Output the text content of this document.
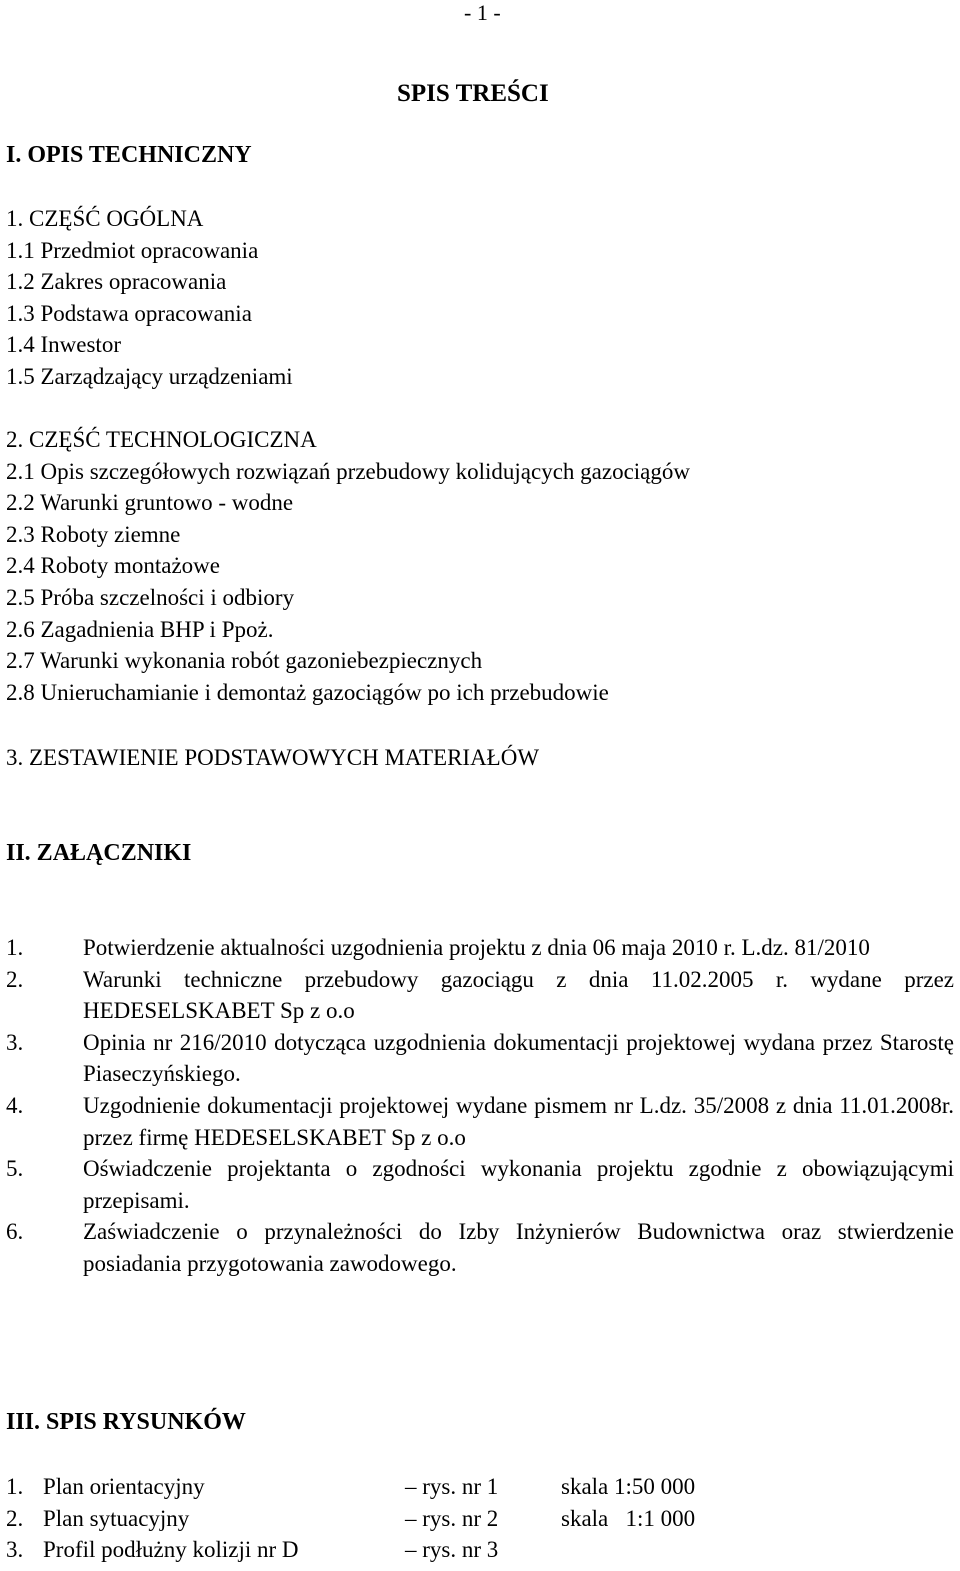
- 1 -
SPIS TREŚCI
I. OPIS TECHNICZNY
1. CZĘŚĆ OGÓLNA
1.1 Przedmiot opracowania
1.2 Zakres opracowania
1.3 Podstawa opracowania
1.4 Inwestor
1.5 Zarządzający urządzeniami
2. CZĘŚĆ TECHNOLOGICZNA
2.1 Opis szczegółowych rozwiązań przebudowy kolidujących gazociągów
2.2 Warunki gruntowo - wodne
2.3 Roboty ziemne
2.4 Roboty montażowe
2.5 Próba szczelności i odbiory
2.6 Zagadnienia BHP i Ppoż.
2.7 Warunki wykonania robót gazoniebezpiecznych
2.8 Unieruchamianie i demontaż gazociągów po ich przebudowie
3. ZESTAWIENIE PODSTAWOWYCH MATERIAŁÓW
II. ZAŁĄCZNIKI
1.	Potwierdzenie aktualności uzgodnienia projektu z dnia 06 maja 2010 r. L.dz. 81/2010
2.	Warunki techniczne przebudowy gazociągu z dnia 11.02.2005 r. wydane przez HEDESELSKABET Sp z o.o
3.	Opinia nr 216/2010 dotycząca uzgodnienia dokumentacji projektowej wydana przez Starostę Piaseczyńskiego.
4.	Uzgodnienie dokumentacji projektowej wydane pismem nr L.dz. 35/2008 z dnia 11.01.2008r. przez firmę HEDESELSKABET Sp z o.o
5.	Oświadczenie projektanta o zgodności wykonania projektu zgodnie z obowiązującymi przepisami.
6.	Zaświadczenie o przynależności do Izby Inżynierów Budownictwa oraz stwierdzenie posiadania przygotowania zawodowego.
III. SPIS RYSUNKÓW
1. Plan orientacyjny	– rys. nr 1	skala 1:50 000
2. Plan sytuacyjny	– rys. nr 2	skala   1:1 000
3. Profil podłużny kolizji nr D	– rys. nr 3
